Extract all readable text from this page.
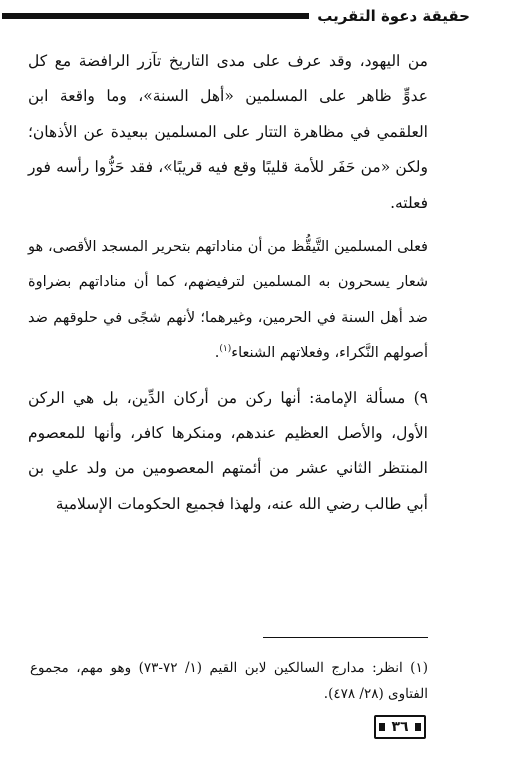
حقيقة دعوة التقريب

من اليهود، وقد عرف على مدى التاريخ تآزر الرافضة مع كل عدوٍّ ظاهر على المسلمين «أهل السنة»، وما واقعة ابن العلقمي في مظاهرة التتار على المسلمين ببعيدة عن الأذهان؛ ولكن «من حَفَر للأمة قليبًا وقع فيه قريبًا»، فقد حَزُّوا رأسه فور فعلته.

فعلى المسلمين التَّيقُّظ من أن مناداتهم بتحرير المسجد الأقصى، هو شعار يسحرون به المسلمين لترفيضهم، كما أن مناداتهم بضراوة ضد أهل السنة في الحرمين، وغيرهما؛ لأنهم شجًى في حلوقهم ضد أصولهم النَّكراء، وفعلاتهم الشنعاء$^{(١)}$.

٩) مسألة الإمامة: أنها ركن من أركان الدِّين، بل هي الركن الأول، والأصل العظيم عندهم، ومنكرها كافر، وأنها للمعصوم المنتظر الثاني عشر من أئمتهم المعصومين من ولد علي بن أبي طالب رضي الله عنه، ولهذا فجميع الحكومات الإسلامية

(١) انظر: مدارج السالكين لابن القيم (١/ ٧٢-٧٣) وهو مهم، مجموع الفتاوى (٢٨/ ٤٧٨).

٣٦
